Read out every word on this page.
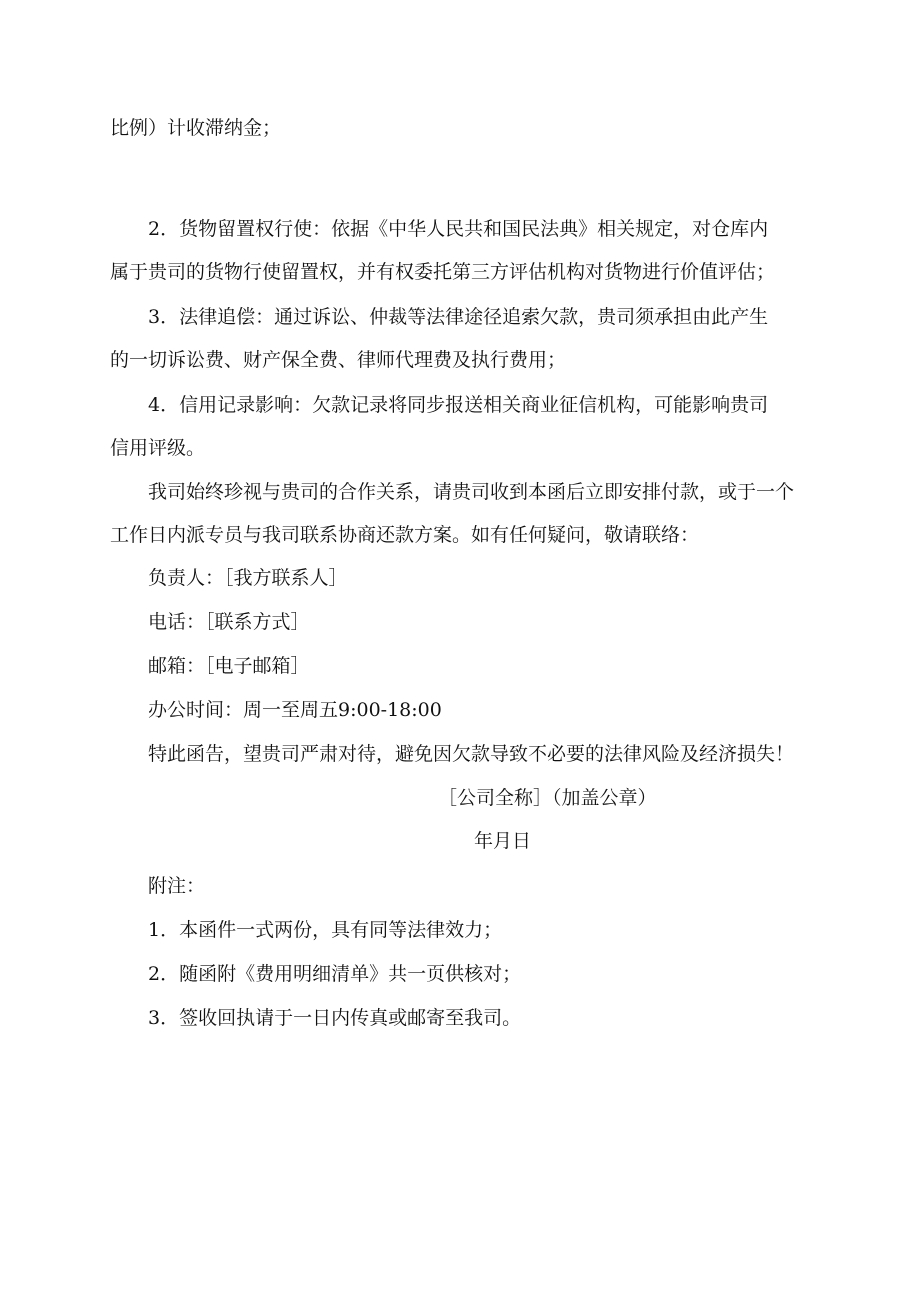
比例）计收滞纳金；
2．货物留置权行使：依据《中华人民共和国民法典》相关规定，对仓库内
属于贵司的货物行使留置权，并有权委托第三方评估机构对货物进行价值评估；
3．法律追偿：通过诉讼、仲裁等法律途径追索欠款，贵司须承担由此产生
的一切诉讼费、财产保全费、律师代理费及执行费用；
4．信用记录影响：欠款记录将同步报送相关商业征信机构，可能影响贵司
信用评级。
我司始终珍视与贵司的合作关系，请贵司收到本函后立即安排付款，或于一个
工作日内派专员与我司联系协商还款方案。如有任何疑问，敬请联络：
负责人：［我方联系人］
电话：［联系方式］
邮箱：［电子邮箱］
办公时间：周一至周五9:00-18:00
特此函告，望贵司严肃对待，避免因欠款导致不必要的法律风险及经济损失！
［公司全称］（加盖公章）
年月日
附注：
1．本函件一式两份，具有同等法律效力；
2．随函附《费用明细清单》共一页供核对；
3．签收回执请于一日内传真或邮寄至我司。
